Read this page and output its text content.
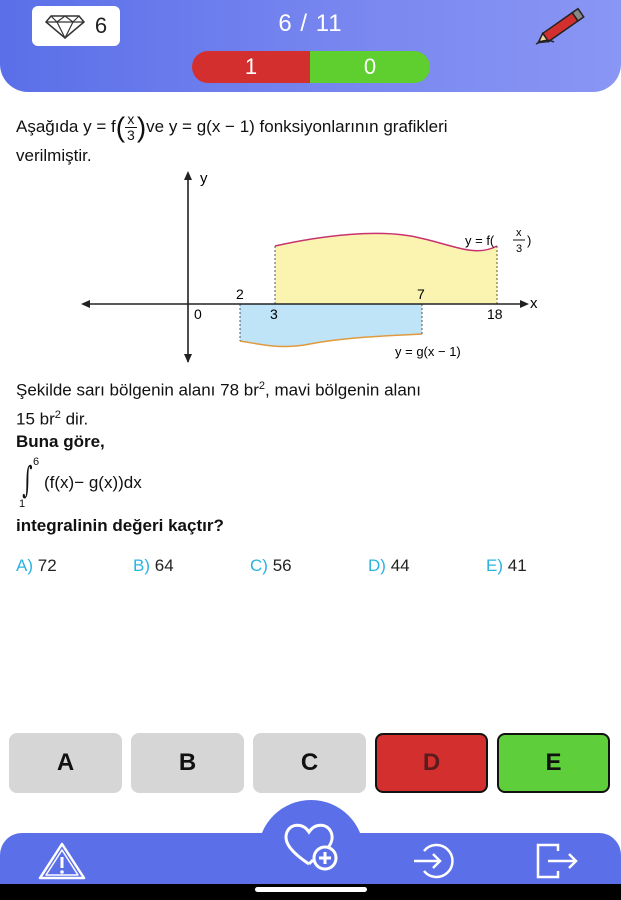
6	6 / 11
1	0
Aşağıda $y = f( \frac{x}{3} )ve$ y = g(x − 1) fonksiyonlarının grafikleri
verilmiştir.
y
x
0
2
3
7
18
y = f( x
3
)
y = g(x − 1)
Şekilde sarı bölgenin alanı 78 $br^2$, mavi bölgenin alanı
15 $br^2$ dir.
Buna göre,
6
∫
1
(f(x)− g(x))dx
integralinin değeri kaçtır?
A) 72	B) 64	C) 56	D) 44	E) 41
A	B	C	D	E
